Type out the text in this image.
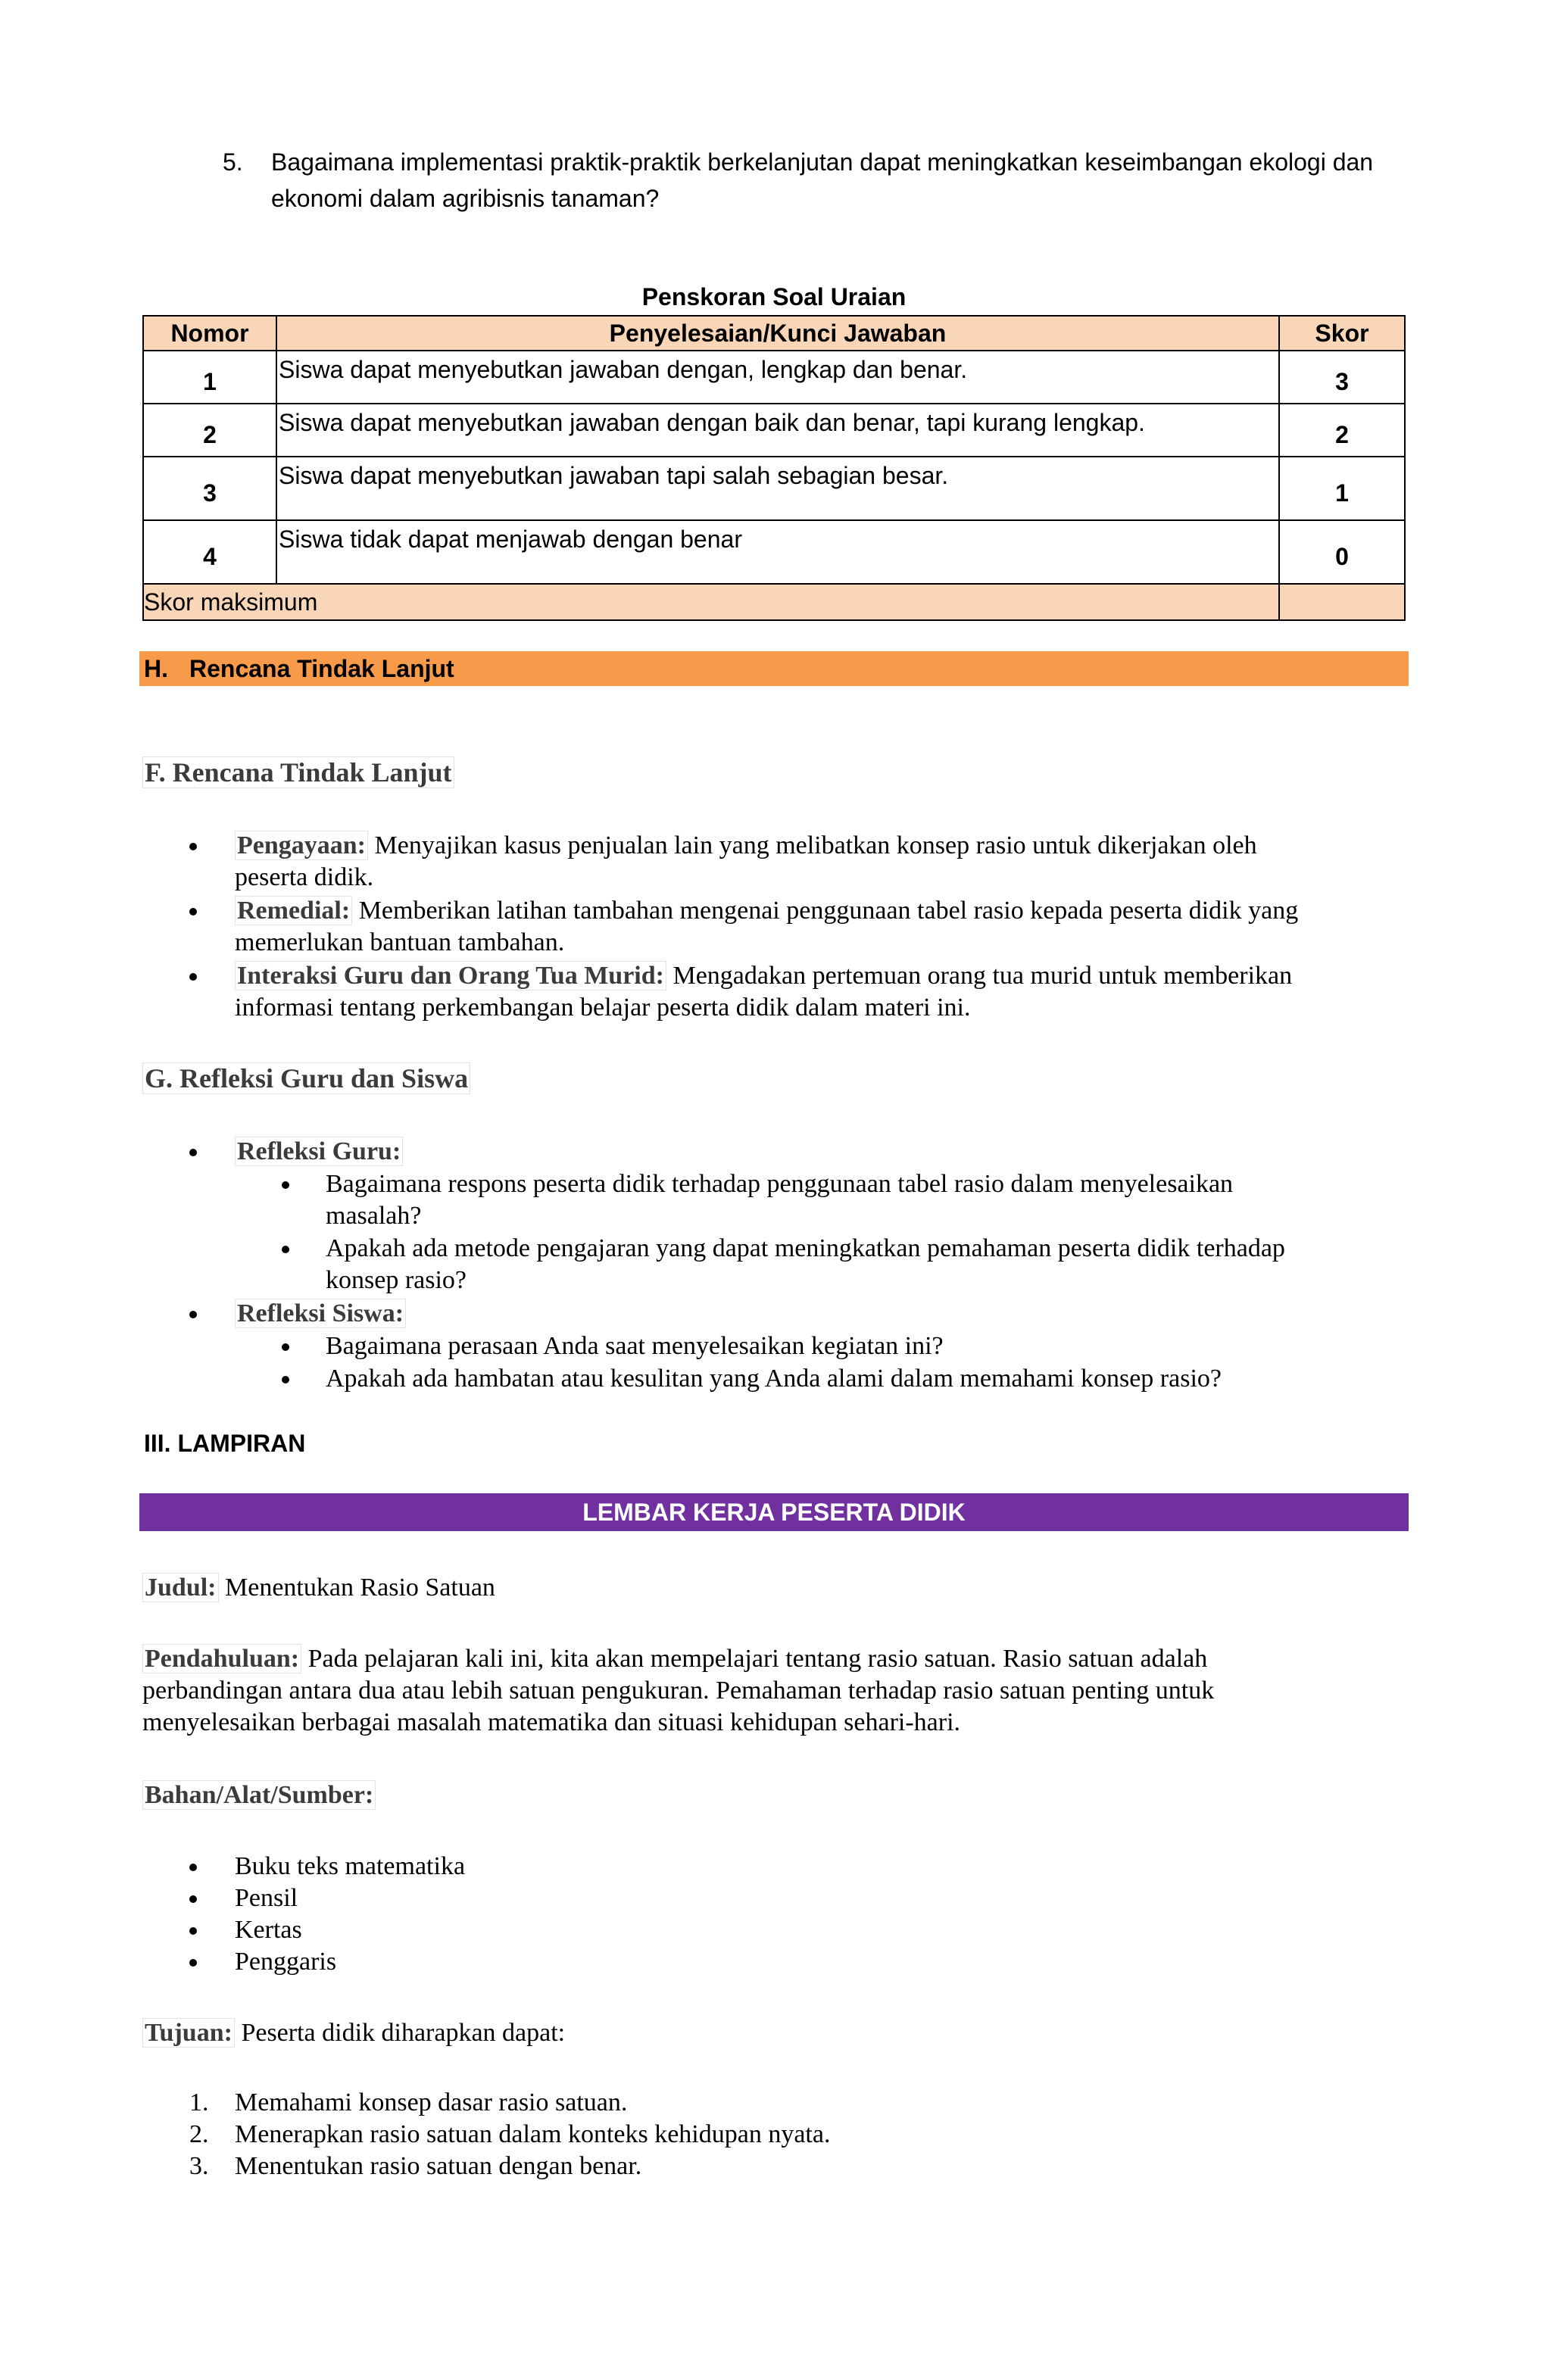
5. Bagaimana implementasi praktik-praktik berkelanjutan dapat meningkatkan keseimbangan ekologi dan ekonomi dalam agribisnis tanaman?
Penskoran Soal Uraian
Nomor	Penyelesaian/Kunci Jawaban	Skor
1	Siswa dapat menyebutkan jawaban dengan, lengkap dan benar.	3
2	Siswa dapat menyebutkan jawaban dengan baik dan benar, tapi kurang lengkap.	2
3	Siswa dapat menyebutkan jawaban tapi salah sebagian besar.	1
4	Siswa tidak dapat menjawab dengan benar	0
Skor maksimum		
H. Rencana Tindak Lanjut
F. Rencana Tindak Lanjut
Pengayaan: Menyajikan kasus penjualan lain yang melibatkan konsep rasio untuk dikerjakan oleh
peserta didik.
Remedial: Memberikan latihan tambahan mengenai penggunaan tabel rasio kepada peserta didik yang
memerlukan bantuan tambahan.
Interaksi Guru dan Orang Tua Murid: Mengadakan pertemuan orang tua murid untuk memberikan
informasi tentang perkembangan belajar peserta didik dalam materi ini.
G. Refleksi Guru dan Siswa
Refleksi Guru:
Bagaimana respons peserta didik terhadap penggunaan tabel rasio dalam menyelesaikan
masalah?
Apakah ada metode pengajaran yang dapat meningkatkan pemahaman peserta didik terhadap
konsep rasio?
Refleksi Siswa:
Bagaimana perasaan Anda saat menyelesaikan kegiatan ini?
Apakah ada hambatan atau kesulitan yang Anda alami dalam memahami konsep rasio?
III. LAMPIRAN
LEMBAR KERJA PESERTA DIDIK
Judul: Menentukan Rasio Satuan
Pendahuluan: Pada pelajaran kali ini, kita akan mempelajari tentang rasio satuan. Rasio satuan adalah
perbandingan antara dua atau lebih satuan pengukuran. Pemahaman terhadap rasio satuan penting untuk
menyelesaikan berbagai masalah matematika dan situasi kehidupan sehari-hari.
Bahan/Alat/Sumber:
Buku teks matematika
Pensil
Kertas
Penggaris
Tujuan: Peserta didik diharapkan dapat:
1. Memahami konsep dasar rasio satuan.
2. Menerapkan rasio satuan dalam konteks kehidupan nyata.
3. Menentukan rasio satuan dengan benar.
